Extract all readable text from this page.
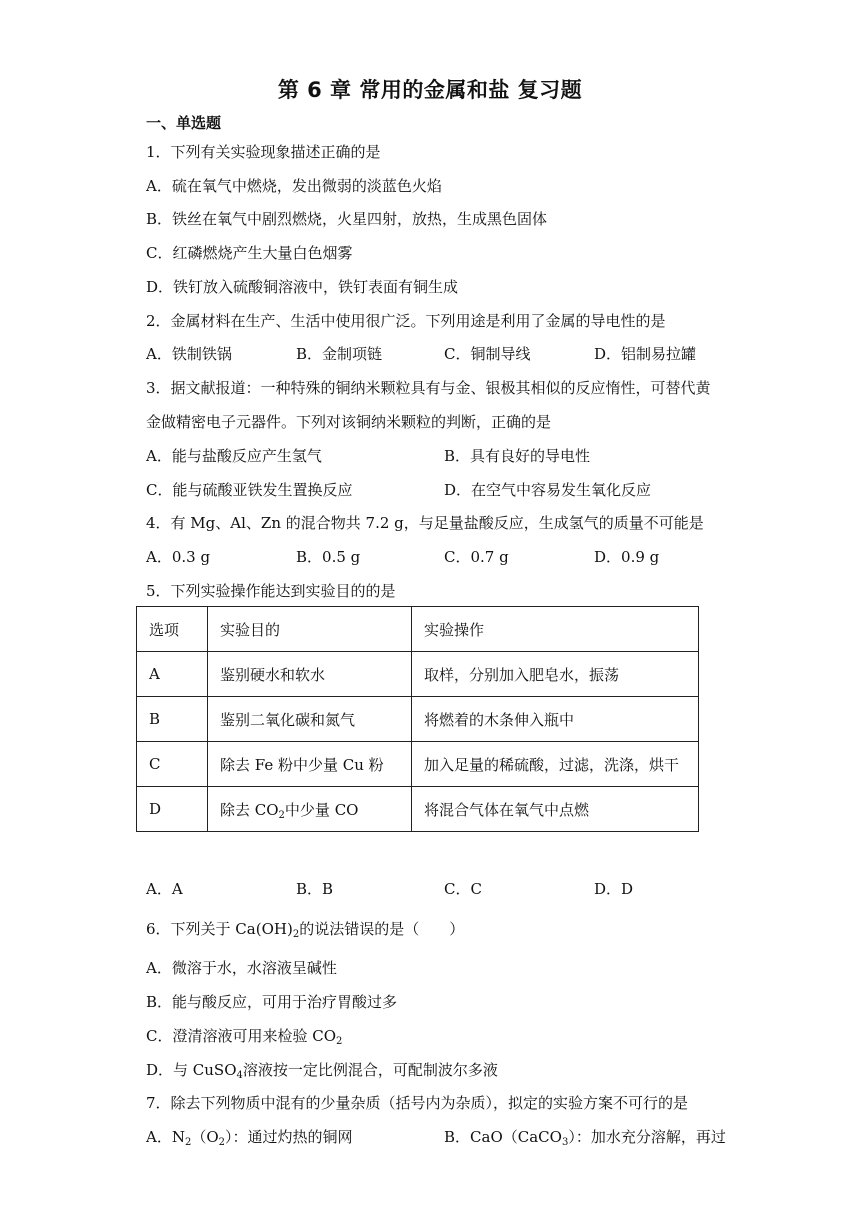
第 6 章 常用的金属和盐 复习题
一、单选题
1．下列有关实验现象描述正确的是
A．硫在氧气中燃烧，发出微弱的淡蓝色火焰
B．铁丝在氧气中剧烈燃烧，火星四射，放热，生成黑色固体
C．红磷燃烧产生大量白色烟雾
D．铁钉放入硫酸铜溶液中，铁钉表面有铜生成
2．金属材料在生产、生活中使用很广泛。下列用途是利用了金属的导电性的是
A．铁制铁锅	B．金制项链	C．铜制导线	D．铝制易拉罐
3．据文献报道：一种特殊的铜纳米颗粒具有与金、银极其相似的反应惰性，可替代黄
金做精密电子元器件。下列对该铜纳米颗粒的判断，正确的是
A．能与盐酸反应产生氢气	B．具有良好的导电性
C．能与硫酸亚铁发生置换反应	D．在空气中容易发生氧化反应
4．有 Mg、Al、Zn 的混合物共 7.2 g，与足量盐酸反应，生成氢气的质量不可能是
A．0.3 g	B．0.5 g	C．0.7 g	D．0.9 g
5．下列实验操作能达到实验目的的是
选项	实验目的	实验操作
A	鉴别硬水和软水	取样，分别加入肥皂水，振荡
B	鉴别二氧化碳和氮气	将燃着的木条伸入瓶中
C	除去 Fe 粉中少量 Cu 粉	加入足量的稀硫酸，过滤，洗涤，烘干
D	除去 $CO_2$中少量 CO	将混合气体在氧气中点燃
A．A	B．B	C．C	D．D
6．下列关于 $Ca(OH)_2$的说法错误的是（　　）
A．微溶于水，水溶液呈碱性
B．能与酸反应，可用于治疗胃酸过多
C．澄清溶液可用来检验 $CO_2$
D．与 CuSO$_4$溶液按一定比例混合，可配制波尔多液
7．除去下列物质中混有的少量杂质（括号内为杂质），拟定的实验方案不可行的是
A．$N_2(O_2)$：通过灼热的铜网	B．CaO（CaCO$_3$）：加水充分溶解，再过
